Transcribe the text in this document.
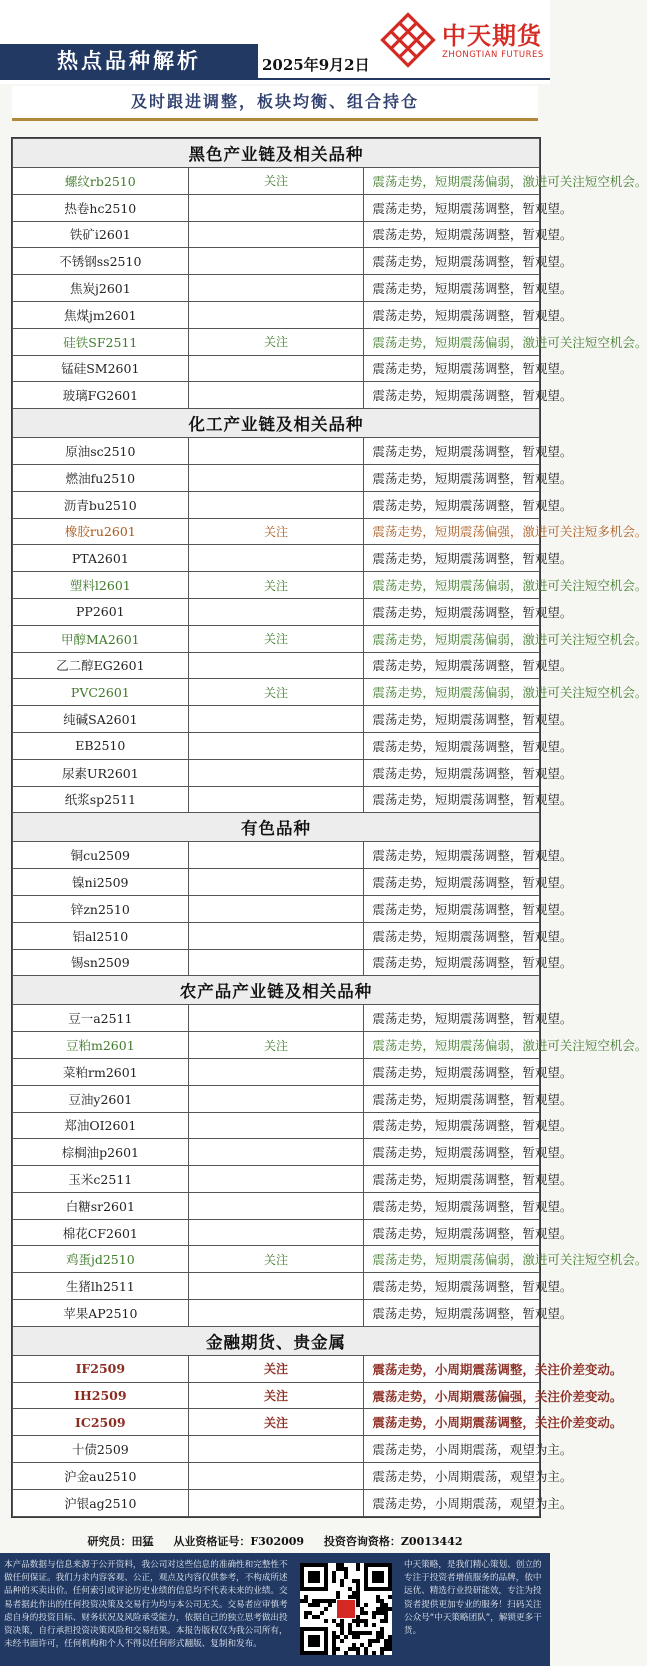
热点品种解析	2025年9月2日
中天期货
ZHONGTIAN FUTURES
及时跟进调整，板块均衡、组合持仓
黑色产业链及相关品种		
螺纹rb2510	关注	震荡走势，短期震荡偏弱，激进可关注短空机会。
热卷hc2510		震荡走势，短期震荡调整，暂观望。
铁矿i2601		震荡走势，短期震荡调整，暂观望。
不锈钢ss2510		震荡走势，短期震荡调整，暂观望。
焦炭j2601		震荡走势，短期震荡调整，暂观望。
焦煤jm2601		震荡走势，短期震荡调整，暂观望。
硅铁SF2511	关注	震荡走势，短期震荡偏弱，激进可关注短空机会。
锰硅SM2601		震荡走势，短期震荡调整，暂观望。
玻璃FG2601		震荡走势，短期震荡调整，暂观望。
化工产业链及相关品种		
原油sc2510		震荡走势，短期震荡调整，暂观望。
燃油fu2510		震荡走势，短期震荡调整，暂观望。
沥青bu2510		震荡走势，短期震荡调整，暂观望。
橡胶ru2601	关注	震荡走势，短期震荡偏强，激进可关注短多机会。
PTA2601		震荡走势，短期震荡调整，暂观望。
塑料l2601	关注	震荡走势，短期震荡偏弱，激进可关注短空机会。
PP2601		震荡走势，短期震荡调整，暂观望。
甲醇MA2601	关注	震荡走势，短期震荡偏弱，激进可关注短空机会。
乙二醇EG2601		震荡走势，短期震荡调整，暂观望。
PVC2601	关注	震荡走势，短期震荡偏弱，激进可关注短空机会。
纯碱SA2601		震荡走势，短期震荡调整，暂观望。
EB2510		震荡走势，短期震荡调整，暂观望。
尿素UR2601		震荡走势，短期震荡调整，暂观望。
纸浆sp2511		震荡走势，短期震荡调整，暂观望。
有色品种		
铜cu2509		震荡走势，短期震荡调整，暂观望。
镍ni2509		震荡走势，短期震荡调整，暂观望。
锌zn2510		震荡走势，短期震荡调整，暂观望。
铝al2510		震荡走势，短期震荡调整，暂观望。
锡sn2509		震荡走势，短期震荡调整，暂观望。
农产品产业链及相关品种		
豆一a2511		震荡走势，短期震荡调整，暂观望。
豆粕m2601	关注	震荡走势，短期震荡偏弱，激进可关注短空机会。
菜粕rm2601		震荡走势，短期震荡调整，暂观望。
豆油y2601		震荡走势，短期震荡调整，暂观望。
郑油OI2601		震荡走势，短期震荡调整，暂观望。
棕榈油p2601		震荡走势，短期震荡调整，暂观望。
玉米c2511		震荡走势，短期震荡调整，暂观望。
白糖sr2601		震荡走势，短期震荡调整，暂观望。
棉花CF2601		震荡走势，短期震荡调整，暂观望。
鸡蛋jd2510	关注	震荡走势，短期震荡偏弱，激进可关注短空机会。
生猪lh2511		震荡走势，短期震荡调整，暂观望。
苹果AP2510		震荡走势，短期震荡调整，暂观望。
金融期货、贵金属		
IF2509	关注	震荡走势，小周期震荡调整，关注价差变动。
IH2509	关注	震荡走势，小周期震荡偏强，关注价差变动。
IC2509	关注	震荡走势，小周期震荡调整，关注价差变动。
十债2509		震荡走势，小周期震荡，观望为主。
沪金au2510		震荡走势，小周期震荡，观望为主。
沪银ag2510		震荡走势，小周期震荡，观望为主。
研究员：田猛 从业资格证号：F302009 投资咨询资格：Z0013442
本产品数据与信息来源于公开资料，我公司对这些信息的准确性和完整性不做任何保证。我们力求内容客观、公正，观点及内容仅供参考，不构成所述品种的买卖出价。任何索引或评论历史业绩的信息均不代表未来的业绩。交易者据此作出的任何投资决策及交易行为均与本公司无关。交易者应审慎考虑自身的投资目标、财务状况及风险承受能力，依据自己的独立思考做出投资决策，自行承担投资决策风险和交易结果。本报告版权仅为我公司所有，未经书面许可，任何机构和个人不得以任何形式翻版、复制和发布。
中天策略，是我们精心策划、创立的专注于投资者增值服务的品牌，依中远优、精选行业投研能效，专注为投资者提供更加专业的服务！扫码关注公众号“中天策略团队”，解锁更多干货。
